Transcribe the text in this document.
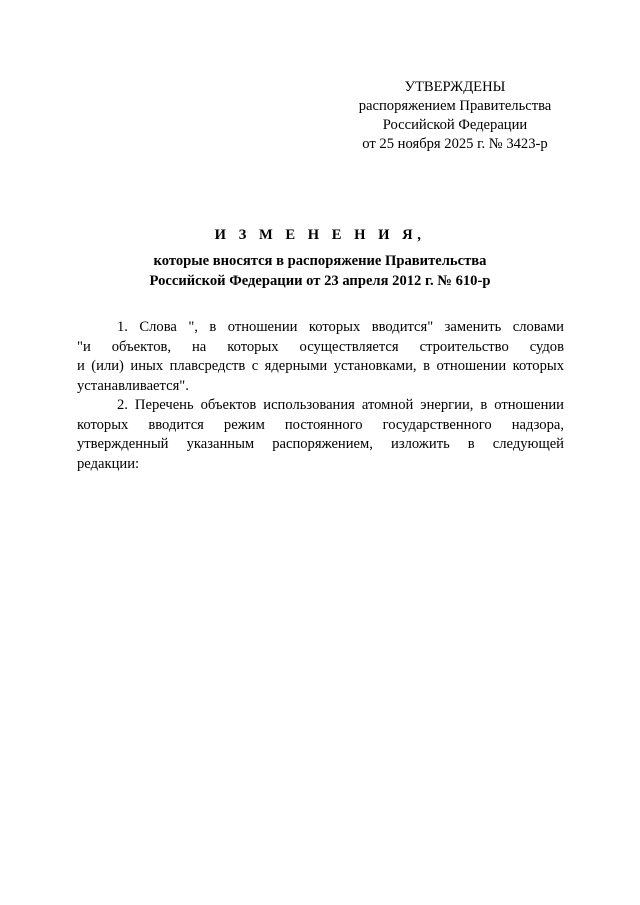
УТВЕРЖДЕНЫ
распоряжением Правительства
Российской Федерации
от 25 ноября 2025 г. № 3423-р
И З М Е Н Е Н И Я,
которые вносятся в распоряжение Правительства
Российской Федерации от 23 апреля 2012 г. № 610-р

1. Слова ", в отношении которых вводится" заменить словами
"и объектов, на которых осуществляется строительство судов
и (или) иных плавсредств с ядерными установками, в отношении которых
устанавливается".

2. Перечень объектов использования атомной энергии, в отношении
которых вводится режим постоянного государственного надзора,
утвержденный указанным распоряжением, изложить в следующей
редакции:
